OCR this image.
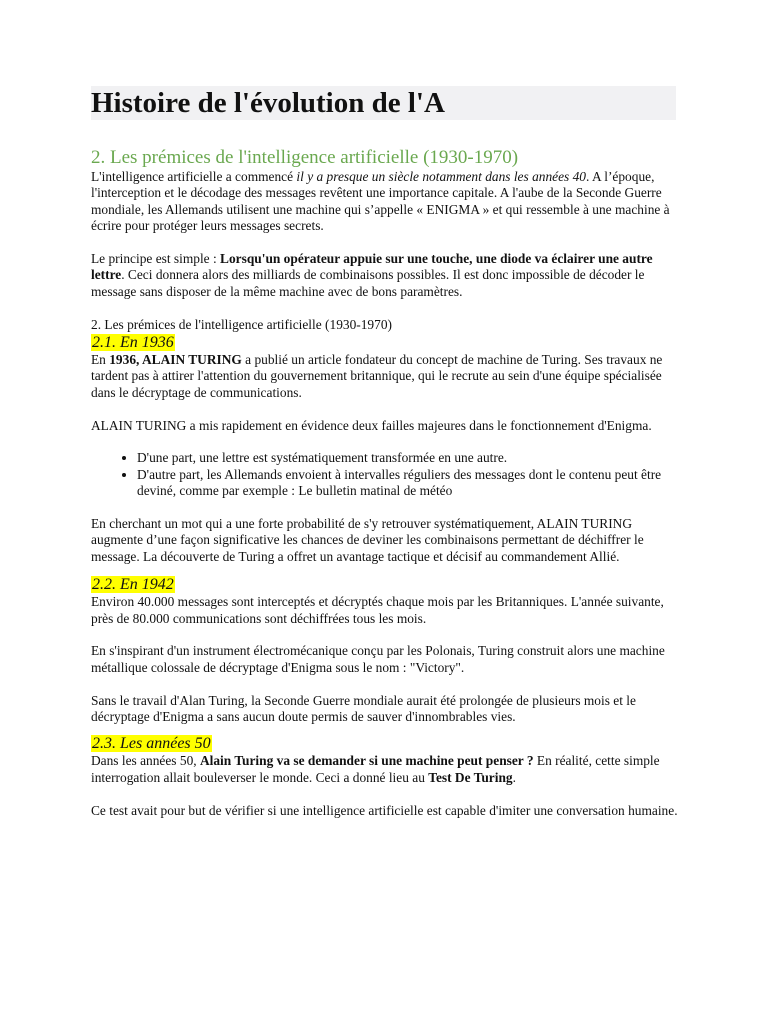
Histoire de l'évolution de l'A
2. Les prémices de l'intelligence artificielle (1930-1970)

L'intelligence artificielle a commencé il y a presque un siècle notamment dans les années 40. A l’époque, l'interception et le décodage des messages revêtent une importance capitale. A l'aube de la Seconde Guerre mondiale, les Allemands utilisent une machine qui s’appelle « ENIGMA » et qui ressemble à une machine à écrire pour protéger leurs messages secrets.

Le principe est simple : Lorsqu'un opérateur appuie sur une touche, une diode va éclairer une autre lettre. Ceci donnera alors des milliards de combinaisons possibles. Il est donc impossible de décoder le message sans disposer de la même machine avec de bons paramètres.

2. Les prémices de l'intelligence artificielle (1930-1970)

2.1. En 1936

En 1936, ALAIN TURING a publié un article fondateur du concept de machine de Turing. Ses travaux ne tardent pas à attirer l'attention du gouvernement britannique, qui le recrute au sein d'une équipe spécialisée dans le décryptage de communications.

ALAIN TURING a mis rapidement en évidence deux failles majeures dans le fonctionnement d'Enigma.

• D'une part, une lettre est systématiquement transformée en une autre.
• D'autre part, les Allemands envoient à intervalles réguliers des messages dont le contenu peut être deviné, comme par exemple : Le bulletin matinal de météo

En cherchant un mot qui a une forte probabilité de s'y retrouver systématiquement, ALAIN TURING augmente d’une façon significative les chances de deviner les combinaisons permettant de déchiffrer le message. La découverte de Turing a offret un avantage tactique et décisif au commandement Allié.

2.2. En 1942

Environ 40.000 messages sont interceptés et décryptés chaque mois par les Britanniques. L'année suivante, près de 80.000 communications sont déchiffrées tous les mois.

En s'inspirant d'un instrument électromécanique conçu par les Polonais, Turing construit alors une machine métallique colossale de décryptage d'Enigma sous le nom : "Victory".

Sans le travail d'Alan Turing, la Seconde Guerre mondiale aurait été prolongée de plusieurs mois et le décryptage d'Enigma a sans aucun doute permis de sauver d'innombrables vies.

2.3. Les années 50

Dans les années 50, Alain Turing va se demander si une machine peut penser ? En réalité, cette simple interrogation allait bouleverser le monde. Ceci a donné lieu au Test De Turing.

Ce test avait pour but de vérifier si une intelligence artificielle est capable d'imiter une conversation humaine.
